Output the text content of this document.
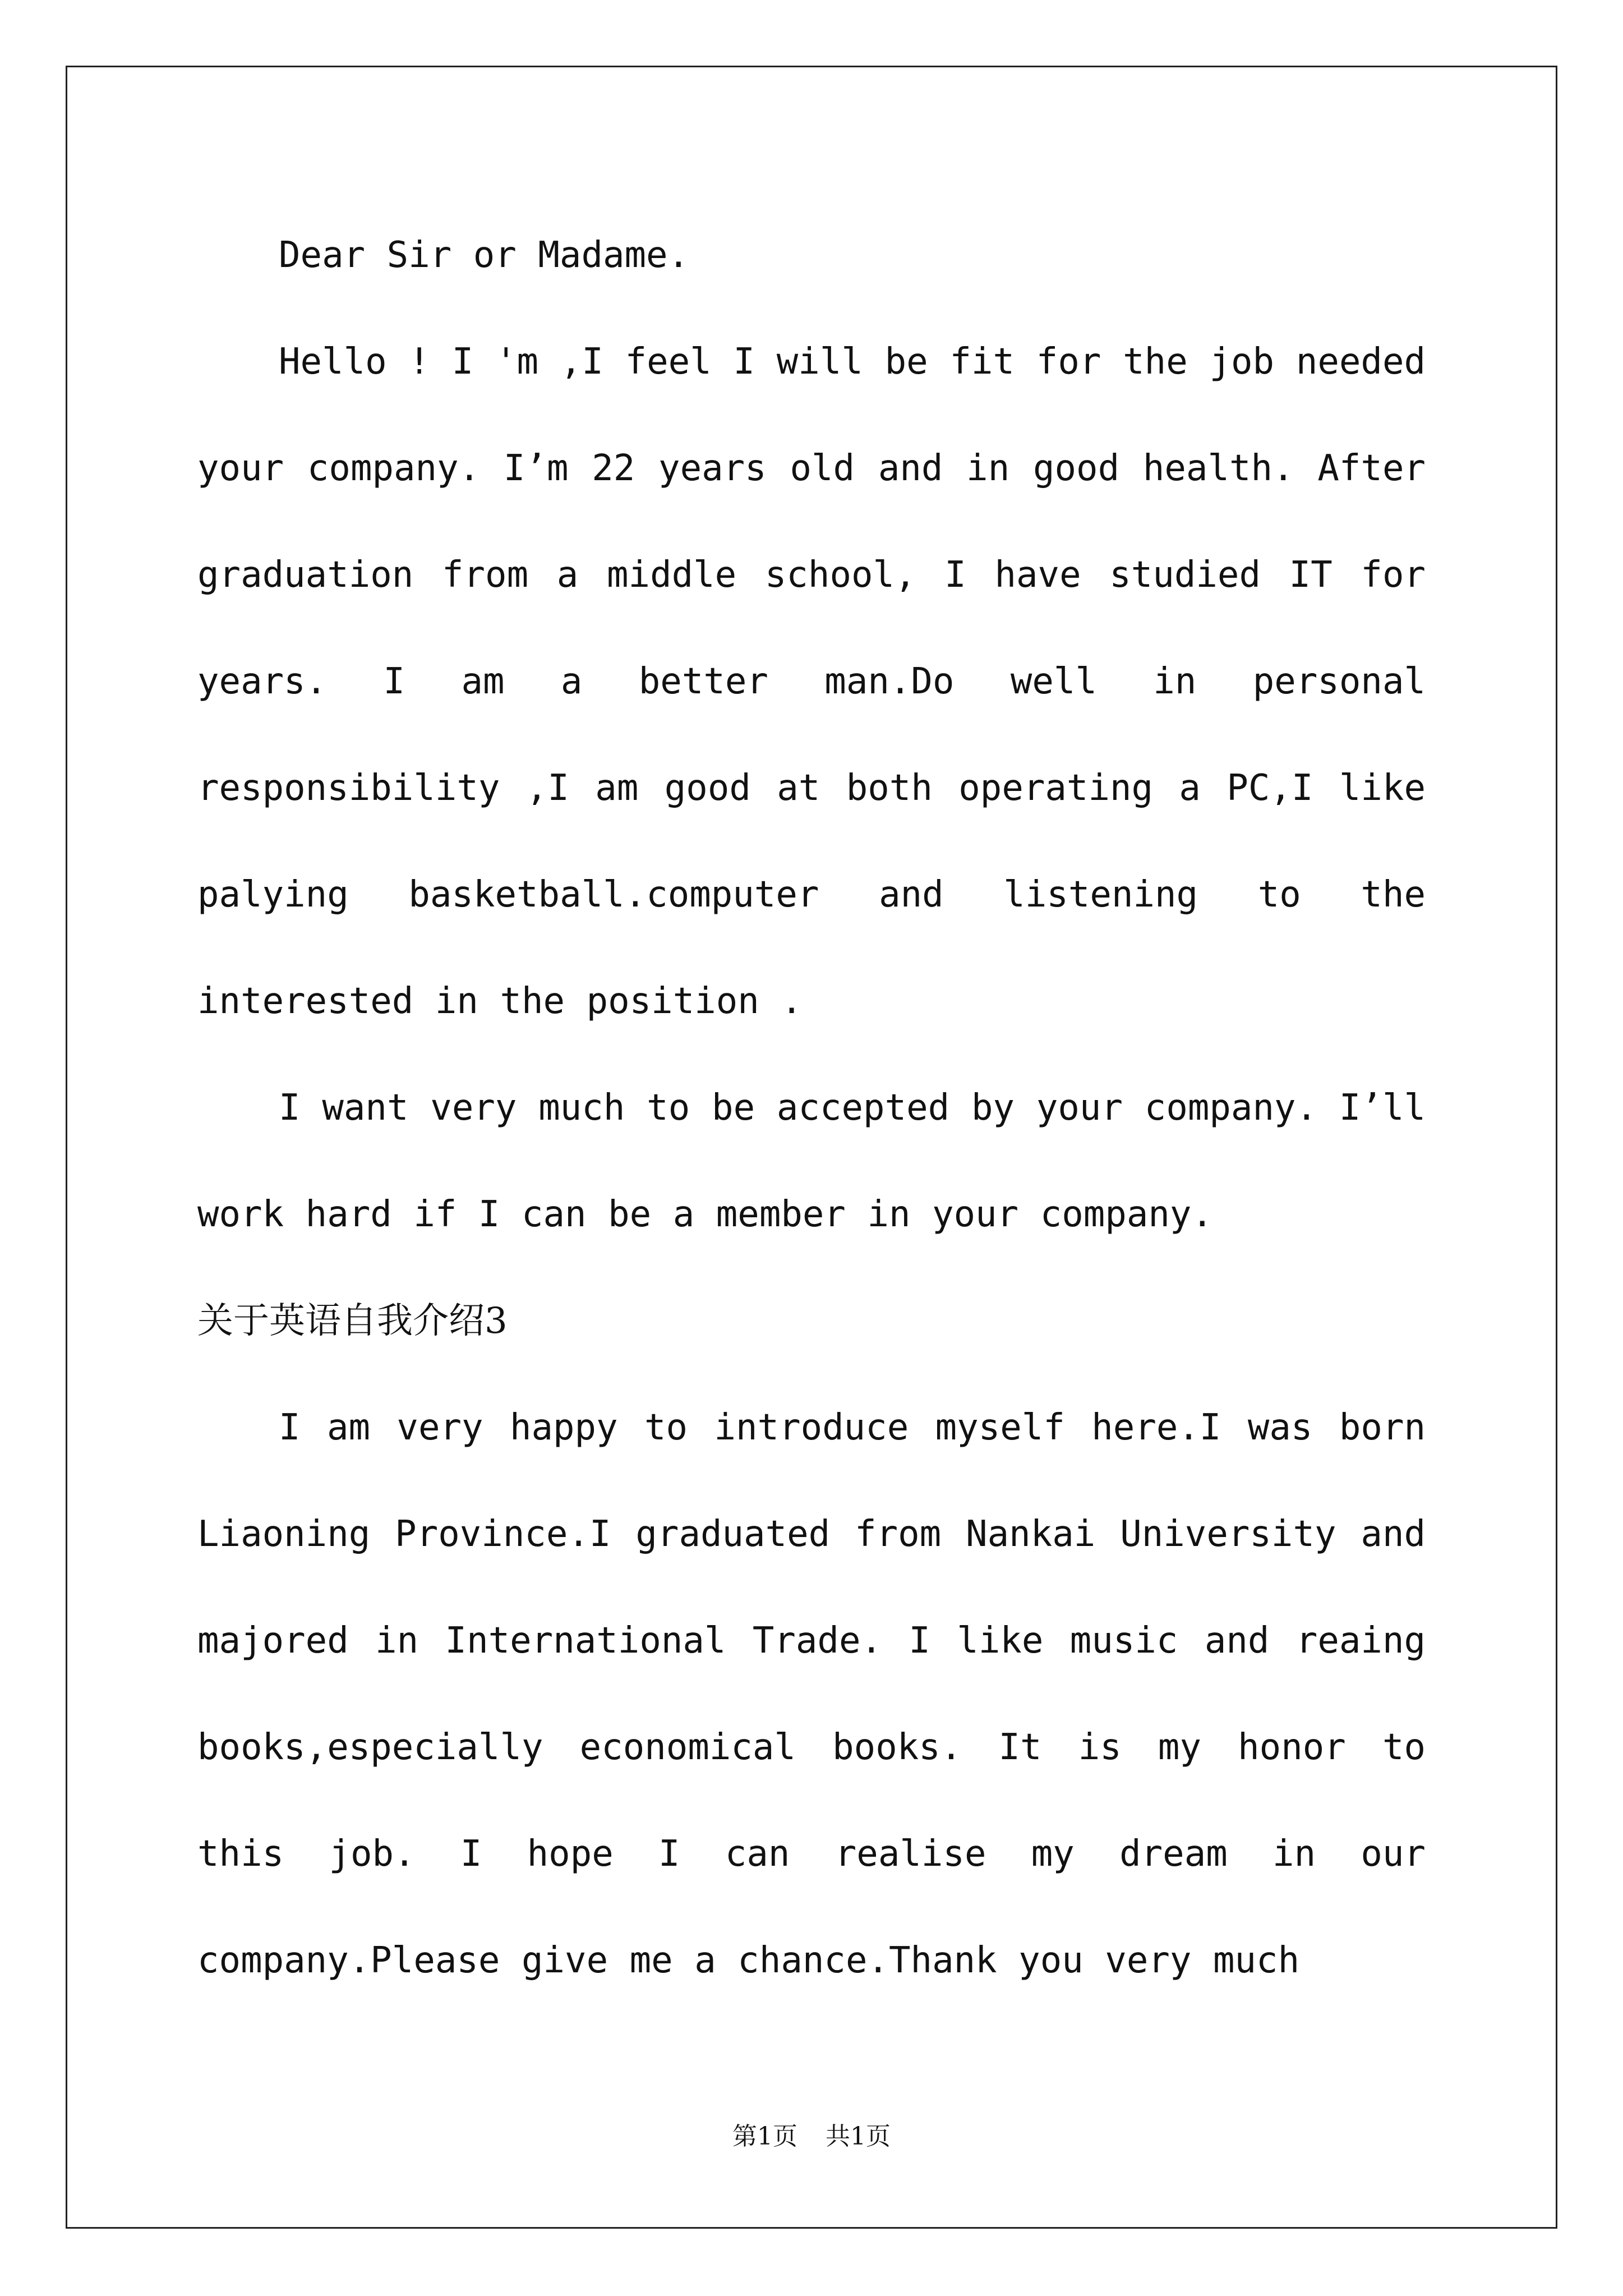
Dear Sir or Madame.
Hello ! I 'm ,I feel I will be fit for the job needed
your company. I’m 22 years old and in good health. After
graduation from a middle school, I have studied IT for
years. I am a better man.Do well in personal
responsibility ,I am good at both operating a PC,I like
palying basketball.computer and listening to the
interested in the position .
I want very much to be accepted by your company. I’ll
work hard if I can be a member in your company.
关于英语自我介绍3
I am very happy to introduce myself here.I was born
Liaoning Province.I graduated from Nankai University and
majored in International Trade. I like music and reaing
books,especially economical books. It is my honor to
this job. I hope I can realise my dream in our
company.Please give me a chance.Thank you very much
第1页 共1页
